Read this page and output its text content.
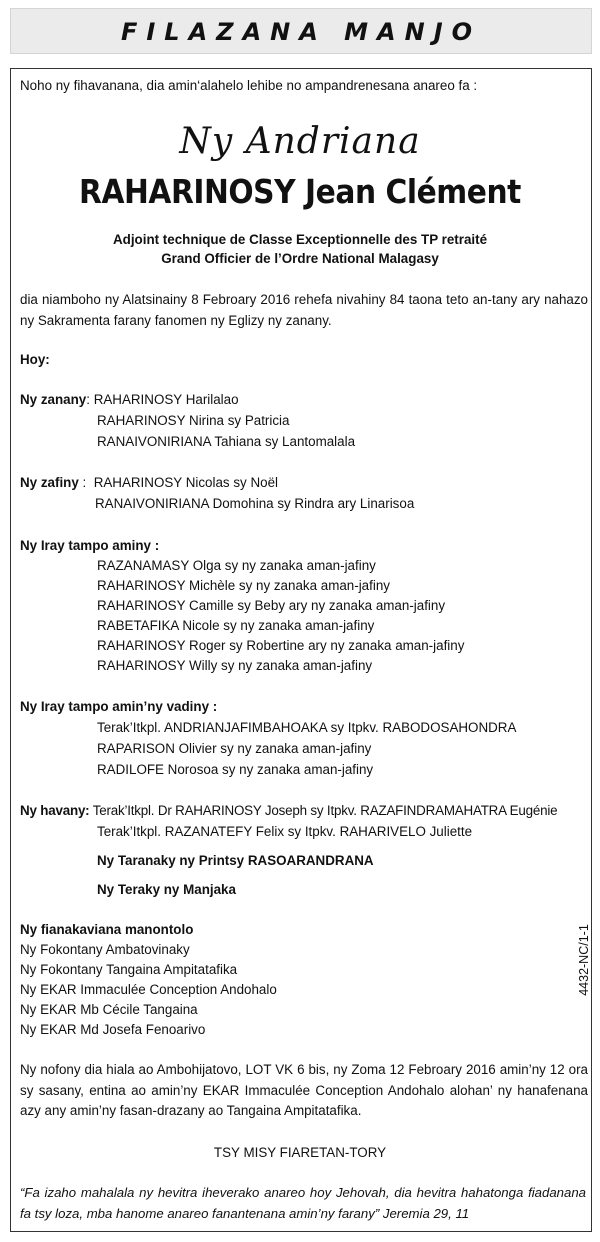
FILAZANA MANJO
Noho ny fihavanana, dia amin‘alahelo lehibe no ampandrenesana anareo fa :
Ny Andriana
RAHARINOSY Jean Clément
Adjoint technique de Classe Exceptionnelle des TP retraité
Grand Officier de l’Ordre National Malagasy
dia niamboho ny Alatsinainy 8 Febroary 2016 rehefa nivahiny 84 taona teto an-tany ary nahazo ny Sakramenta farany fanomen ny Eglizy ny zanany.
Hoy:
Ny zanany: RAHARINOSY Harilalao
RAHARINOSY Nirina sy Patricia
RANAIVONIRIANA Tahiana sy Lantomalala
Ny zafiny :  RAHARINOSY Nicolas sy Noël
RANAIVONIRIANA Domohina sy Rindra ary Linarisoa
Ny Iray tampo aminy :
RAZANAMASY Olga sy ny zanaka aman-jafiny
RAHARINOSY Michèle sy ny zanaka aman-jafiny
RAHARINOSY Camille sy Beby ary ny zanaka aman-jafiny
RABETAFIKA Nicole sy ny zanaka aman-jafiny
RAHARINOSY Roger sy Robertine ary ny zanaka aman-jafiny
RAHARINOSY Willy sy ny zanaka aman-jafiny
Ny Iray tampo amin’ny vadiny :
Terak’Itkpl. ANDRIANJAFIMBAHOAKA sy Itpkv. RABODOSAHONDRA
RAPARISON Olivier sy ny zanaka aman-jafiny
RADILOFE Norosoa sy ny zanaka aman-jafiny
Ny havany: Terak’Itkpl. Dr RAHARINOSY Joseph sy Itpkv. RAZAFINDRAMAHATRA Eugénie
Terak’Itkpl. RAZANATEFY Felix sy Itpkv. RAHARIVELO Juliette
Ny Taranaky ny Printsy RASOARANDRANA
Ny Teraky ny Manjaka
Ny fianakaviana manontolo
Ny Fokontany Ambatovinaky
Ny Fokontany Tangaina Ampitatafika
Ny EKAR Immaculée Conception Andohalo
Ny EKAR Mb Cécile Tangaina
Ny EKAR Md Josefa Fenoarivo
4432-NC/1-1
Ny nofony dia hiala ao Ambohijatovo, LOT VK 6 bis, ny Zoma 12 Febroary 2016 amin’ny 12 ora sy sasany, entina ao amin’ny EKAR Immaculée Conception Andohalo alohan’ ny hanafenana azy any amin’ny fasan-drazany ao Tangaina Ampitatafika.
TSY MISY FIARETAN-TORY
“Fa izaho mahalala ny hevitra iheverako anareo hoy Jehovah, dia hevitra hahatonga fiadanana fa tsy loza, mba hanome anareo fanantenana amin’ny farany” Jeremia 29, 11
